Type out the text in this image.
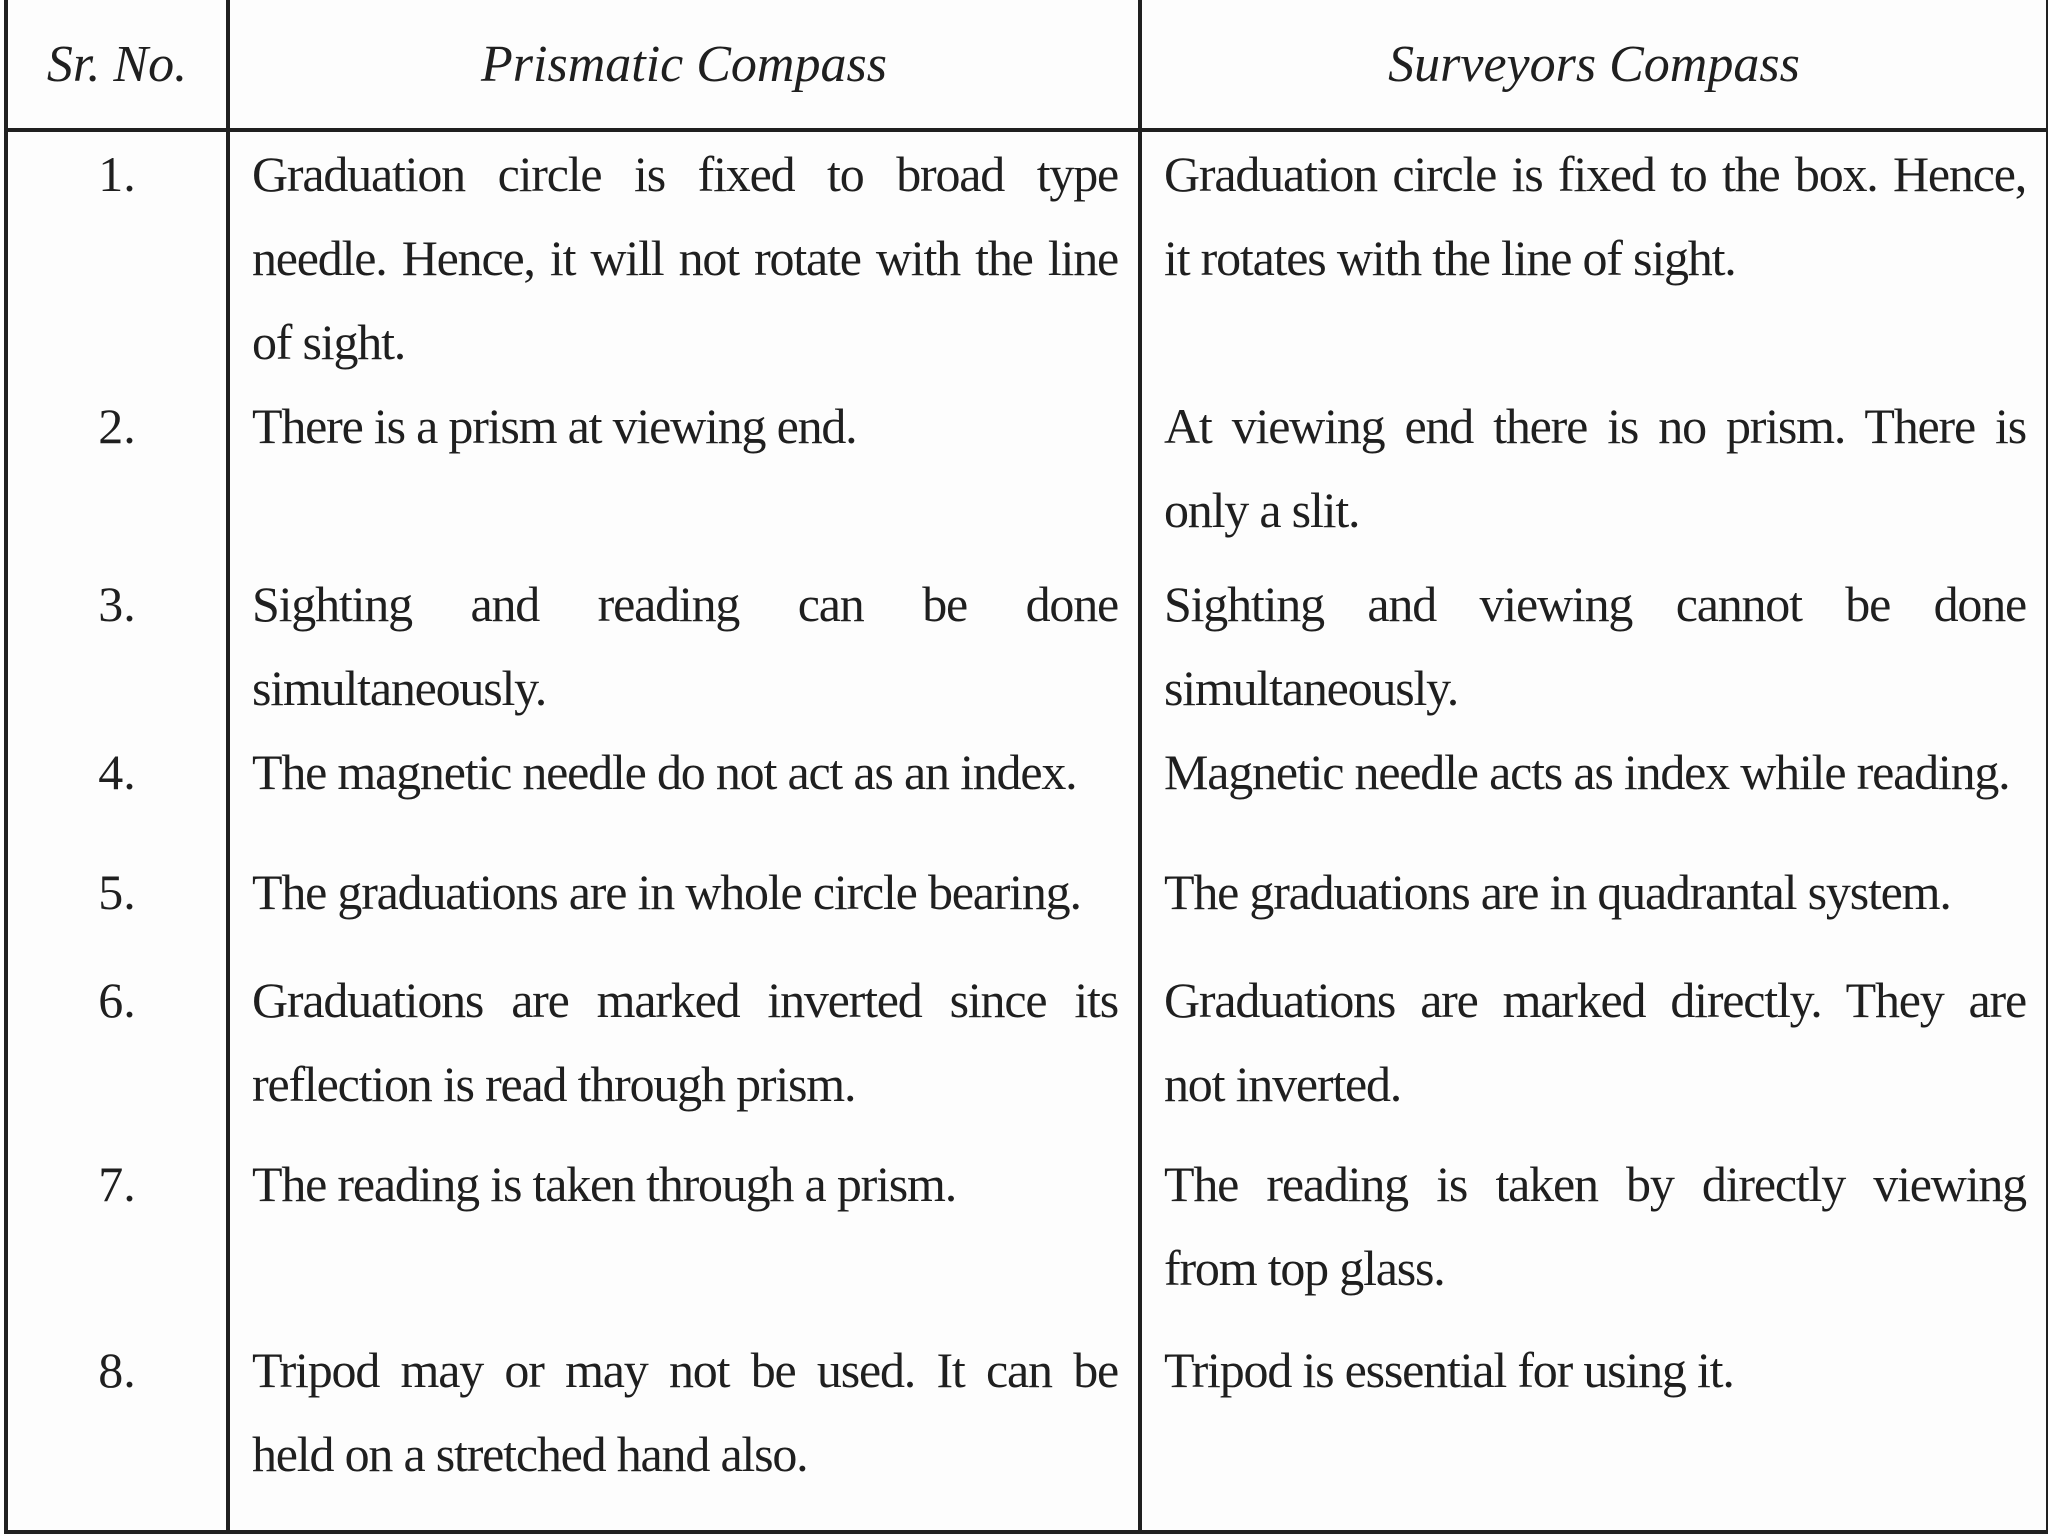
Sr. No.	Prismatic Compass	Surveyors Compass
1.	Graduation circle is fixed to broad type needle. Hence, it will not rotate with the line of sight.	Graduation circle is fixed to the box. Hence, it rotates with the line of sight.
2.	There is a prism at viewing end.	At viewing end there is no prism. There is only a slit.
3.	Sighting and reading can be done simultaneously.	Sighting and viewing cannot be done simultaneously.
4.	The magnetic needle do not act as an index.	Magnetic needle acts as index while reading.
5.	The graduations are in whole circle bearing.	The graduations are in quadrantal system.
6.	Graduations are marked inverted since its reflection is read through prism.	Graduations are marked directly. They are not inverted.
7.	The reading is taken through a prism.	The reading is taken by directly viewing from top glass.
8.	Tripod may or may not be used. It can be held on a stretched hand also.	Tripod is essential for using it.
